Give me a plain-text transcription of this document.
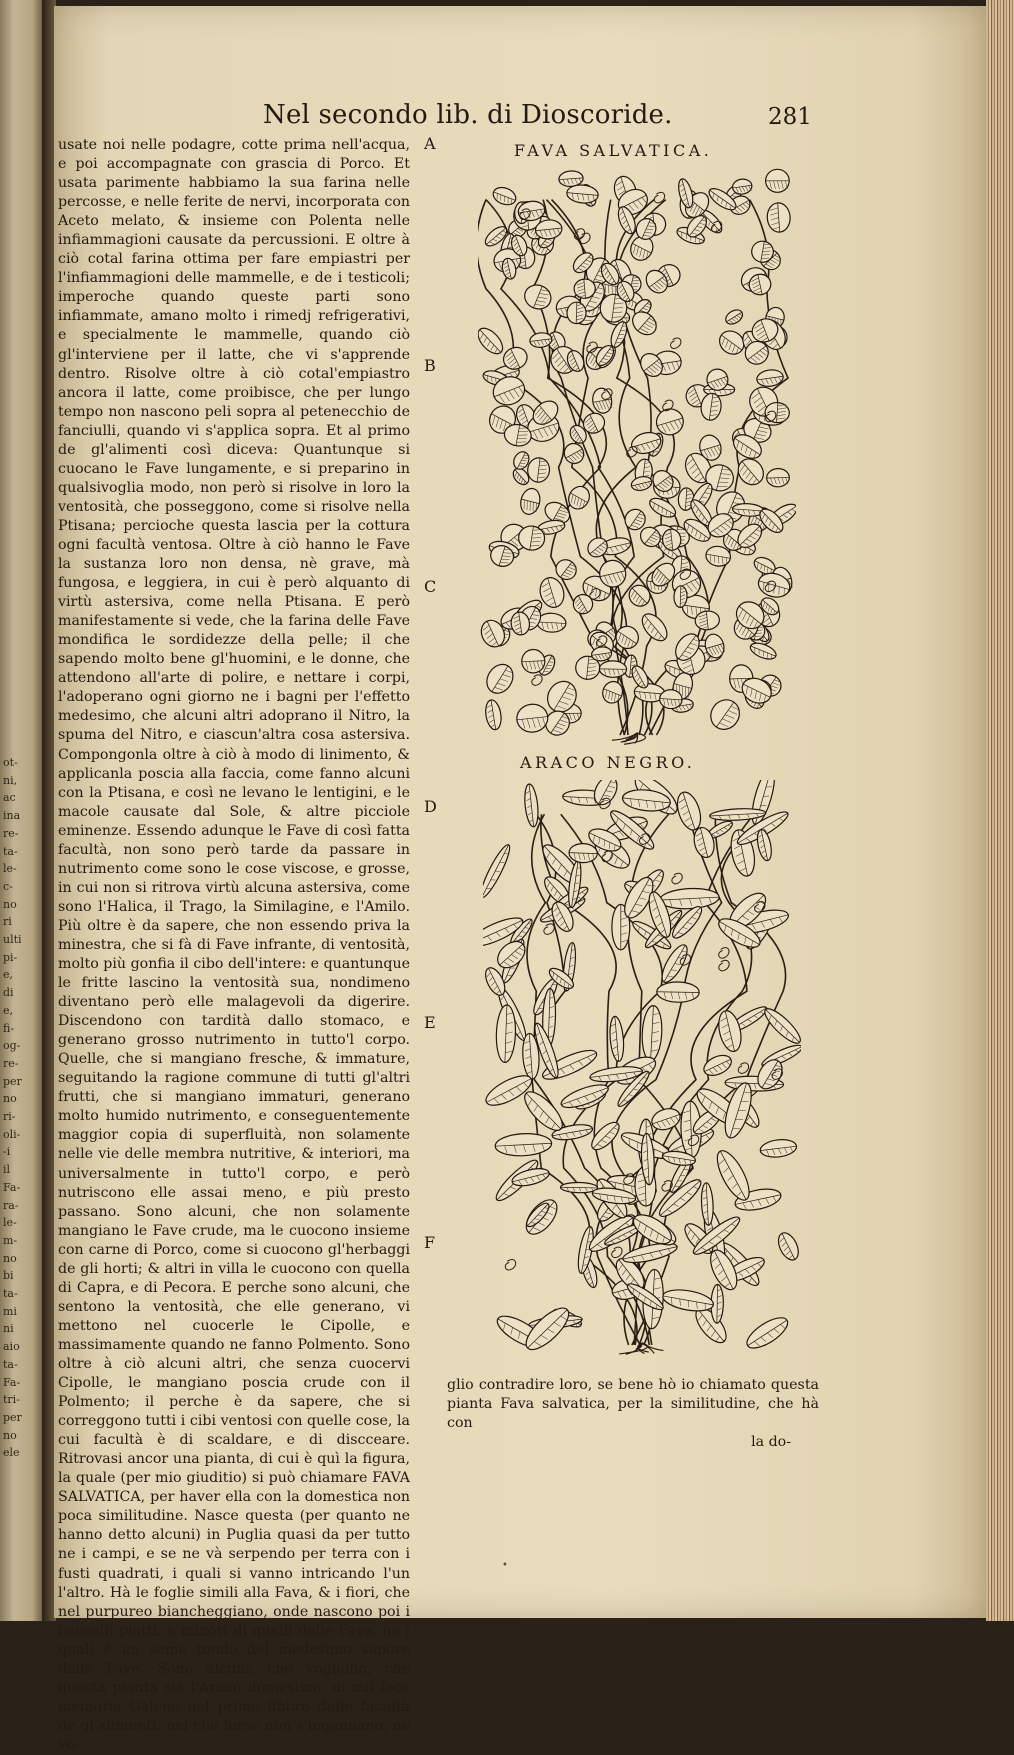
ot-
ni,
ac
ina
re-
ta-
le-
c-
no
ri
ulti
pi-
e,
di
e,
fi-
og-
re-
per
no
ri-
oli-
-i
il
Fa-
ra-
le-
m-
no
bi
ta-
mi
ni
aio
ta-
Fa-
tri-
per
no
ele
Nel secondo lib. di Dioscoride.	281

usate noi nelle podagre, cotte prima nell'acqua, e poi accompagnate con grascia di Porco. Et usata parimente habbiamo la sua farina nelle percosse, e nelle ferite de nervi, incorporata con Aceto melato, & insieme con Polenta nelle infiammagioni causate da percussioni. E oltre à ciò cotal farina ottima per fare empiastri per l'infiammagioni delle mammelle, e de i testicoli; imperoche quando queste parti sono infiammate, amano molto i rimedj refrigerativi, e specialmente le mammelle, quando ciò gl'interviene per il latte, che vi s'apprende dentro. Risolve oltre à ciò cotal'empiastro ancora il latte, come proibisce, che per lungo tempo non nascono peli sopra al petenecchio de fanciulli, quando vi s'applica sopra. Et al primo de gl'alimenti così diceva: Quantunque si cuocano le Fave lungamente, e si preparino in qualsivoglia modo, non però si risolve in loro la ventosità, che posseggono, come si risolve nella Ptisana; percioche questa lascia per la cottura ogni facultà ventosa. Oltre à ciò hanno le Fave la sustanza loro non densa, nè grave, mà fungosa, e leggiera, in cui è però alquanto di virtù astersiva, come nella Ptisana. E però manifestamente si vede, che la farina delle Fave mondifica le sordidezze della pelle; il che sapendo molto bene gl'huomini, e le donne, che attendono all'arte di polire, e nettare i corpi, l'adoperano ogni giorno ne i bagni per l'effetto medesimo, che alcuni altri adoprano il Nitro, la spuma del Nitro, e ciascun'altra cosa astersiva. Compongonla oltre à ciò à modo di linimento, & applicanla poscia alla faccia, come fanno alcuni con la Ptisana, e così ne levano le lentigini, e le macole causate dal Sole, & altre picciole eminenze. Essendo adunque le Fave di così fatta facultà, non sono però tarde da passare in nutrimento come sono le cose viscose, e grosse, in cui non si ritrova virtù alcuna astersiva, come sono l'Halica, il Trago, la Similagine, e l'Amilo. Più oltre è da sapere, che non essendo priva la minestra, che si fà di Fave infrante, di ventosità, molto più gonfia il cibo dell'intere: e quantunque le fritte lascino la ventosità sua, nondimeno diventano però elle malagevoli da digerire. Discendono con tardità dallo stomaco, e generano grosso nutrimento in tutto'l corpo. Quelle, che si mangiano fresche, & immature, seguitando la ragione commune di tutti gl'altri frutti, che si mangiano immaturi, generano molto humido nutrimento, e conseguentemente maggior copia di superfluità, non solamente nelle vie delle membra nutritive, & interiori, ma universalmente in tutto'l corpo, e però nutriscono elle assai meno, e più presto passano. Sono alcuni, che non solamente mangiano le Fave crude, ma le cuocono insieme con carne di Porco, come si cuocono gl'herbaggi de gli horti; & altri in villa le cuocono con quella di Capra, e di Pecora. E perche sono alcuni, che sentono la ventosità, che elle generano, vi mettono nel cuocerle le Cipolle, e massimamente quando ne fanno Polmento. Sono oltre à ciò alcuni altri, che senza cuocervi Cipolle, le mangiano poscia crude con il Polmento; il perche è da sapere, che si correggono tutti i cibi ventosi con quelle cose, la cui facultà è di scaldare, e di discceare. Ritrovasi ancor una pianta, di cui è quì la figura, la quale (per mio giuditio) si può chiamare FAVA SALVATICA, per haver ella con la domestica non poca similitudine. Nasce questa (per quanto ne hanno detto alcuni) in Puglia quasi da per tutto ne i campi, e se ne và serpendo per terra con i fusti quadrati, i quali si vanno intricando l'un l'altro. Hà le foglie simili alla Fava, & i fiori, che nel purpureo biancheggiano, onde nascono poi i baccelli piatti, e minori di quelli delle Fave, ne i quali è un seme tondo del medesimo sapore delle Fave. Sono alcuni, che vogliono, che questa pianta sia l'Araco domestico, di cui fece memoria Galeno nel primo libbro delle facultà de gl'alimenti: nel che forse non s'ingannano, nè vo-

A
B
C
D
E
F
FAVA SALVATICA.
ARACO NEGRO.
glio contradire loro, se bene hò io chiamato questa pianta Fava salvatica, per la similitudine, che hà con
la do-
•
